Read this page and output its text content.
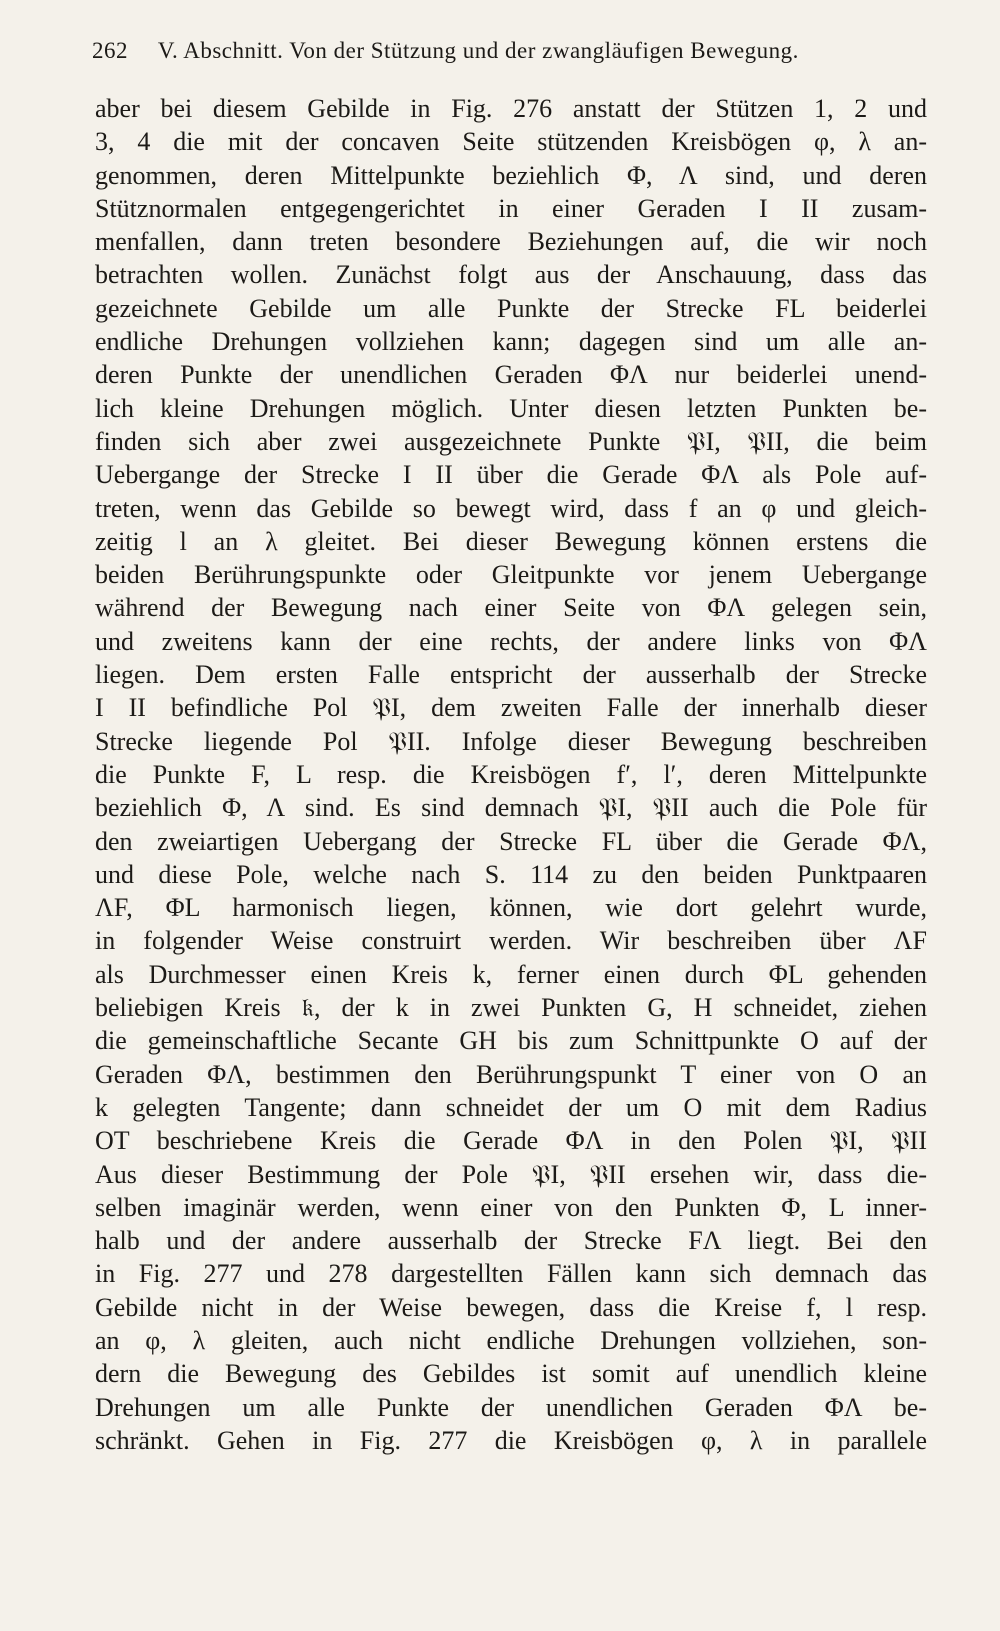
262 V. Abschnitt. Von der Stützung und der zwangläufigen Bewegung.
aber bei diesem Gebilde in Fig. 276 anstatt der Stützen 1, 2 und
3, 4 die mit der concaven Seite stützenden Kreisbögen φ, λ an-
genommen, deren Mittelpunkte beziehlich Φ, Λ sind, und deren
Stütznormalen entgegengerichtet in einer Geraden I II zusam-
menfallen, dann treten besondere Beziehungen auf, die wir noch
betrachten wollen. Zunächst folgt aus der Anschauung, dass das
gezeichnete Gebilde um alle Punkte der Strecke FL beiderlei
endliche Drehungen vollziehen kann; dagegen sind um alle an-
deren Punkte der unendlichen Geraden ΦΛ nur beiderlei unend-
lich kleine Drehungen möglich. Unter diesen letzten Punkten be-
finden sich aber zwei ausgezeichnete Punkte 𝔓I, 𝔓II, die beim
Uebergange der Strecke I II über die Gerade ΦΛ als Pole auf-
treten, wenn das Gebilde so bewegt wird, dass f an φ und gleich-
zeitig l an λ gleitet. Bei dieser Bewegung können erstens die
beiden Berührungspunkte oder Gleitpunkte vor jenem Uebergange
während der Bewegung nach einer Seite von ΦΛ gelegen sein,
und zweitens kann der eine rechts, der andere links von ΦΛ
liegen. Dem ersten Falle entspricht der ausserhalb der Strecke
I II befindliche Pol 𝔓I, dem zweiten Falle der innerhalb dieser
Strecke liegende Pol 𝔓II. Infolge dieser Bewegung beschreiben
die Punkte F, L resp. die Kreisbögen f′, l′, deren Mittelpunkte
beziehlich Φ, Λ sind. Es sind demnach 𝔓I, 𝔓II auch die Pole für
den zweiartigen Uebergang der Strecke FL über die Gerade ΦΛ,
und diese Pole, welche nach S. 114 zu den beiden Punktpaaren
ΛF, ΦL harmonisch liegen, können, wie dort gelehrt wurde,
in folgender Weise construirt werden. Wir beschreiben über ΛF
als Durchmesser einen Kreis k, ferner einen durch ΦL gehenden
beliebigen Kreis 𝔨, der k in zwei Punkten G, H schneidet, ziehen
die gemeinschaftliche Secante GH bis zum Schnittpunkte O auf der
Geraden ΦΛ, bestimmen den Berührungspunkt T einer von O an
k gelegten Tangente; dann schneidet der um O mit dem Radius
OT beschriebene Kreis die Gerade ΦΛ in den Polen 𝔓I, 𝔓II
Aus dieser Bestimmung der Pole 𝔓I, 𝔓II ersehen wir, dass die-
selben imaginär werden, wenn einer von den Punkten Φ, L inner-
halb und der andere ausserhalb der Strecke FΛ liegt. Bei den
in Fig. 277 und 278 dargestellten Fällen kann sich demnach das
Gebilde nicht in der Weise bewegen, dass die Kreise f, l resp.
an φ, λ gleiten, auch nicht endliche Drehungen vollziehen, son-
dern die Bewegung des Gebildes ist somit auf unendlich kleine
Drehungen um alle Punkte der unendlichen Geraden ΦΛ be-
schränkt. Gehen in Fig. 277 die Kreisbögen φ, λ in parallele
